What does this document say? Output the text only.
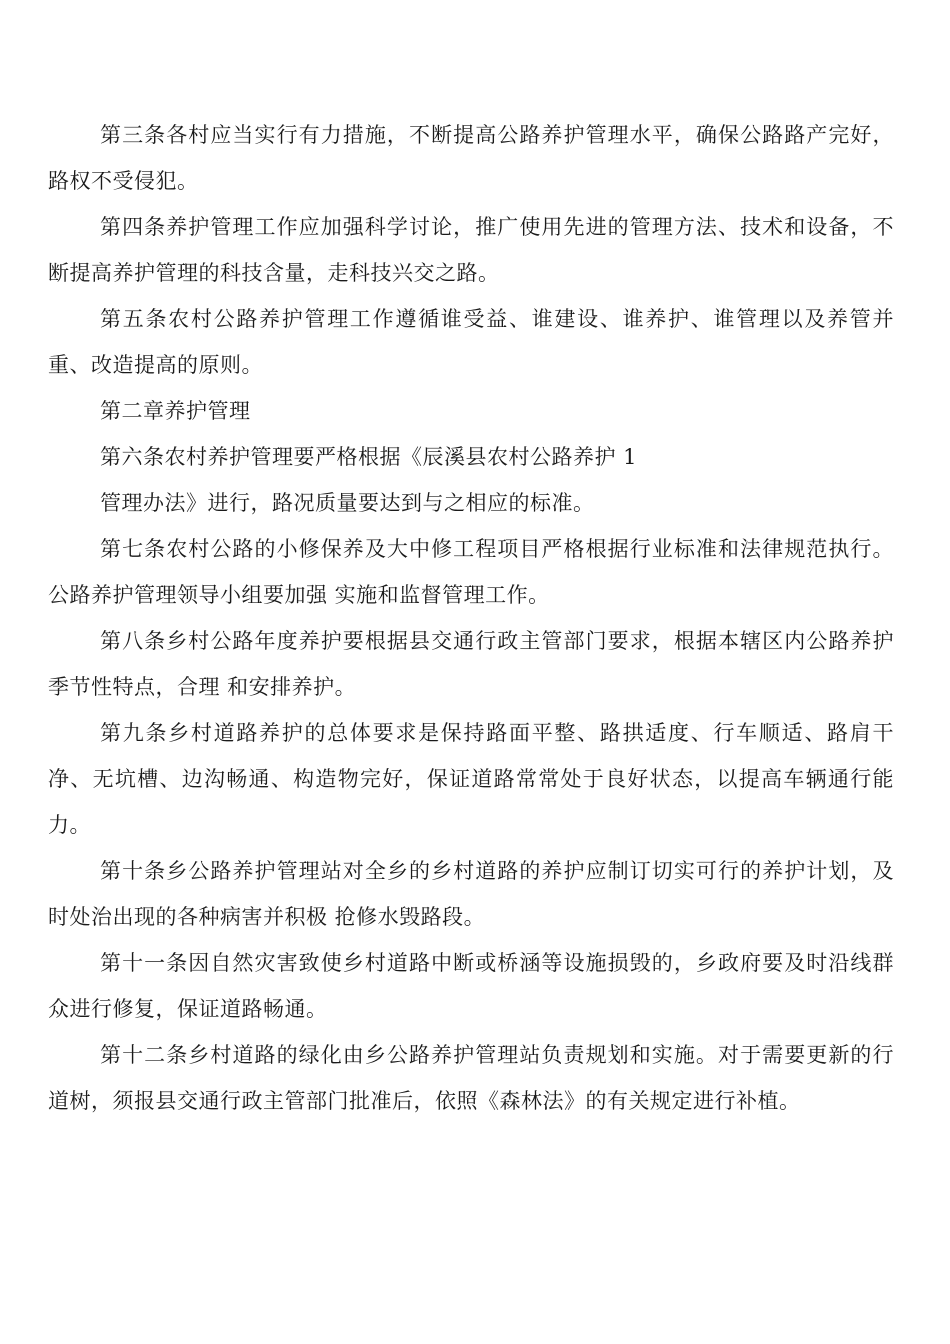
第三条各村应当实行有力措施，不断提高公路养护管理水平，确保公路路产完好，路权不受侵犯。

第四条养护管理工作应加强科学讨论，推广使用先进的管理方法、技术和设备，不断提高养护管理的科技含量，走科技兴交之路。

第五条农村公路养护管理工作遵循谁受益、谁建设、谁养护、谁管理以及养管并重、改造提高的原则。

第二章养护管理

第六条农村养护管理要严格根据《辰溪县农村公路养护 1

管理办法》进行，路况质量要达到与之相应的标准。

第七条农村公路的小修保养及大中修工程项目严格根据行业标准和法律规范执行。公路养护管理领导小组要加强 实施和监督管理工作。

第八条乡村公路年度养护要根据县交通行政主管部门要求，根据本辖区内公路养护季节性特点，合理 和安排养护。

第九条乡村道路养护的总体要求是保持路面平整、路拱适度、行车顺适、路肩干净、无坑槽、边沟畅通、构造物完好，保证道路常常处于良好状态，以提高车辆通行能力。

第十条乡公路养护管理站对全乡的乡村道路的养护应制订切实可行的养护计划，及时处治出现的各种病害并积极 抢修水毁路段。

第十一条因自然灾害致使乡村道路中断或桥涵等设施损毁的，乡政府要及时沿线群众进行修复，保证道路畅通。

第十二条乡村道路的绿化由乡公路养护管理站负责规划和实施。对于需要更新的行道树，须报县交通行政主管部门批准后，依照《森林法》的有关规定进行补植。
